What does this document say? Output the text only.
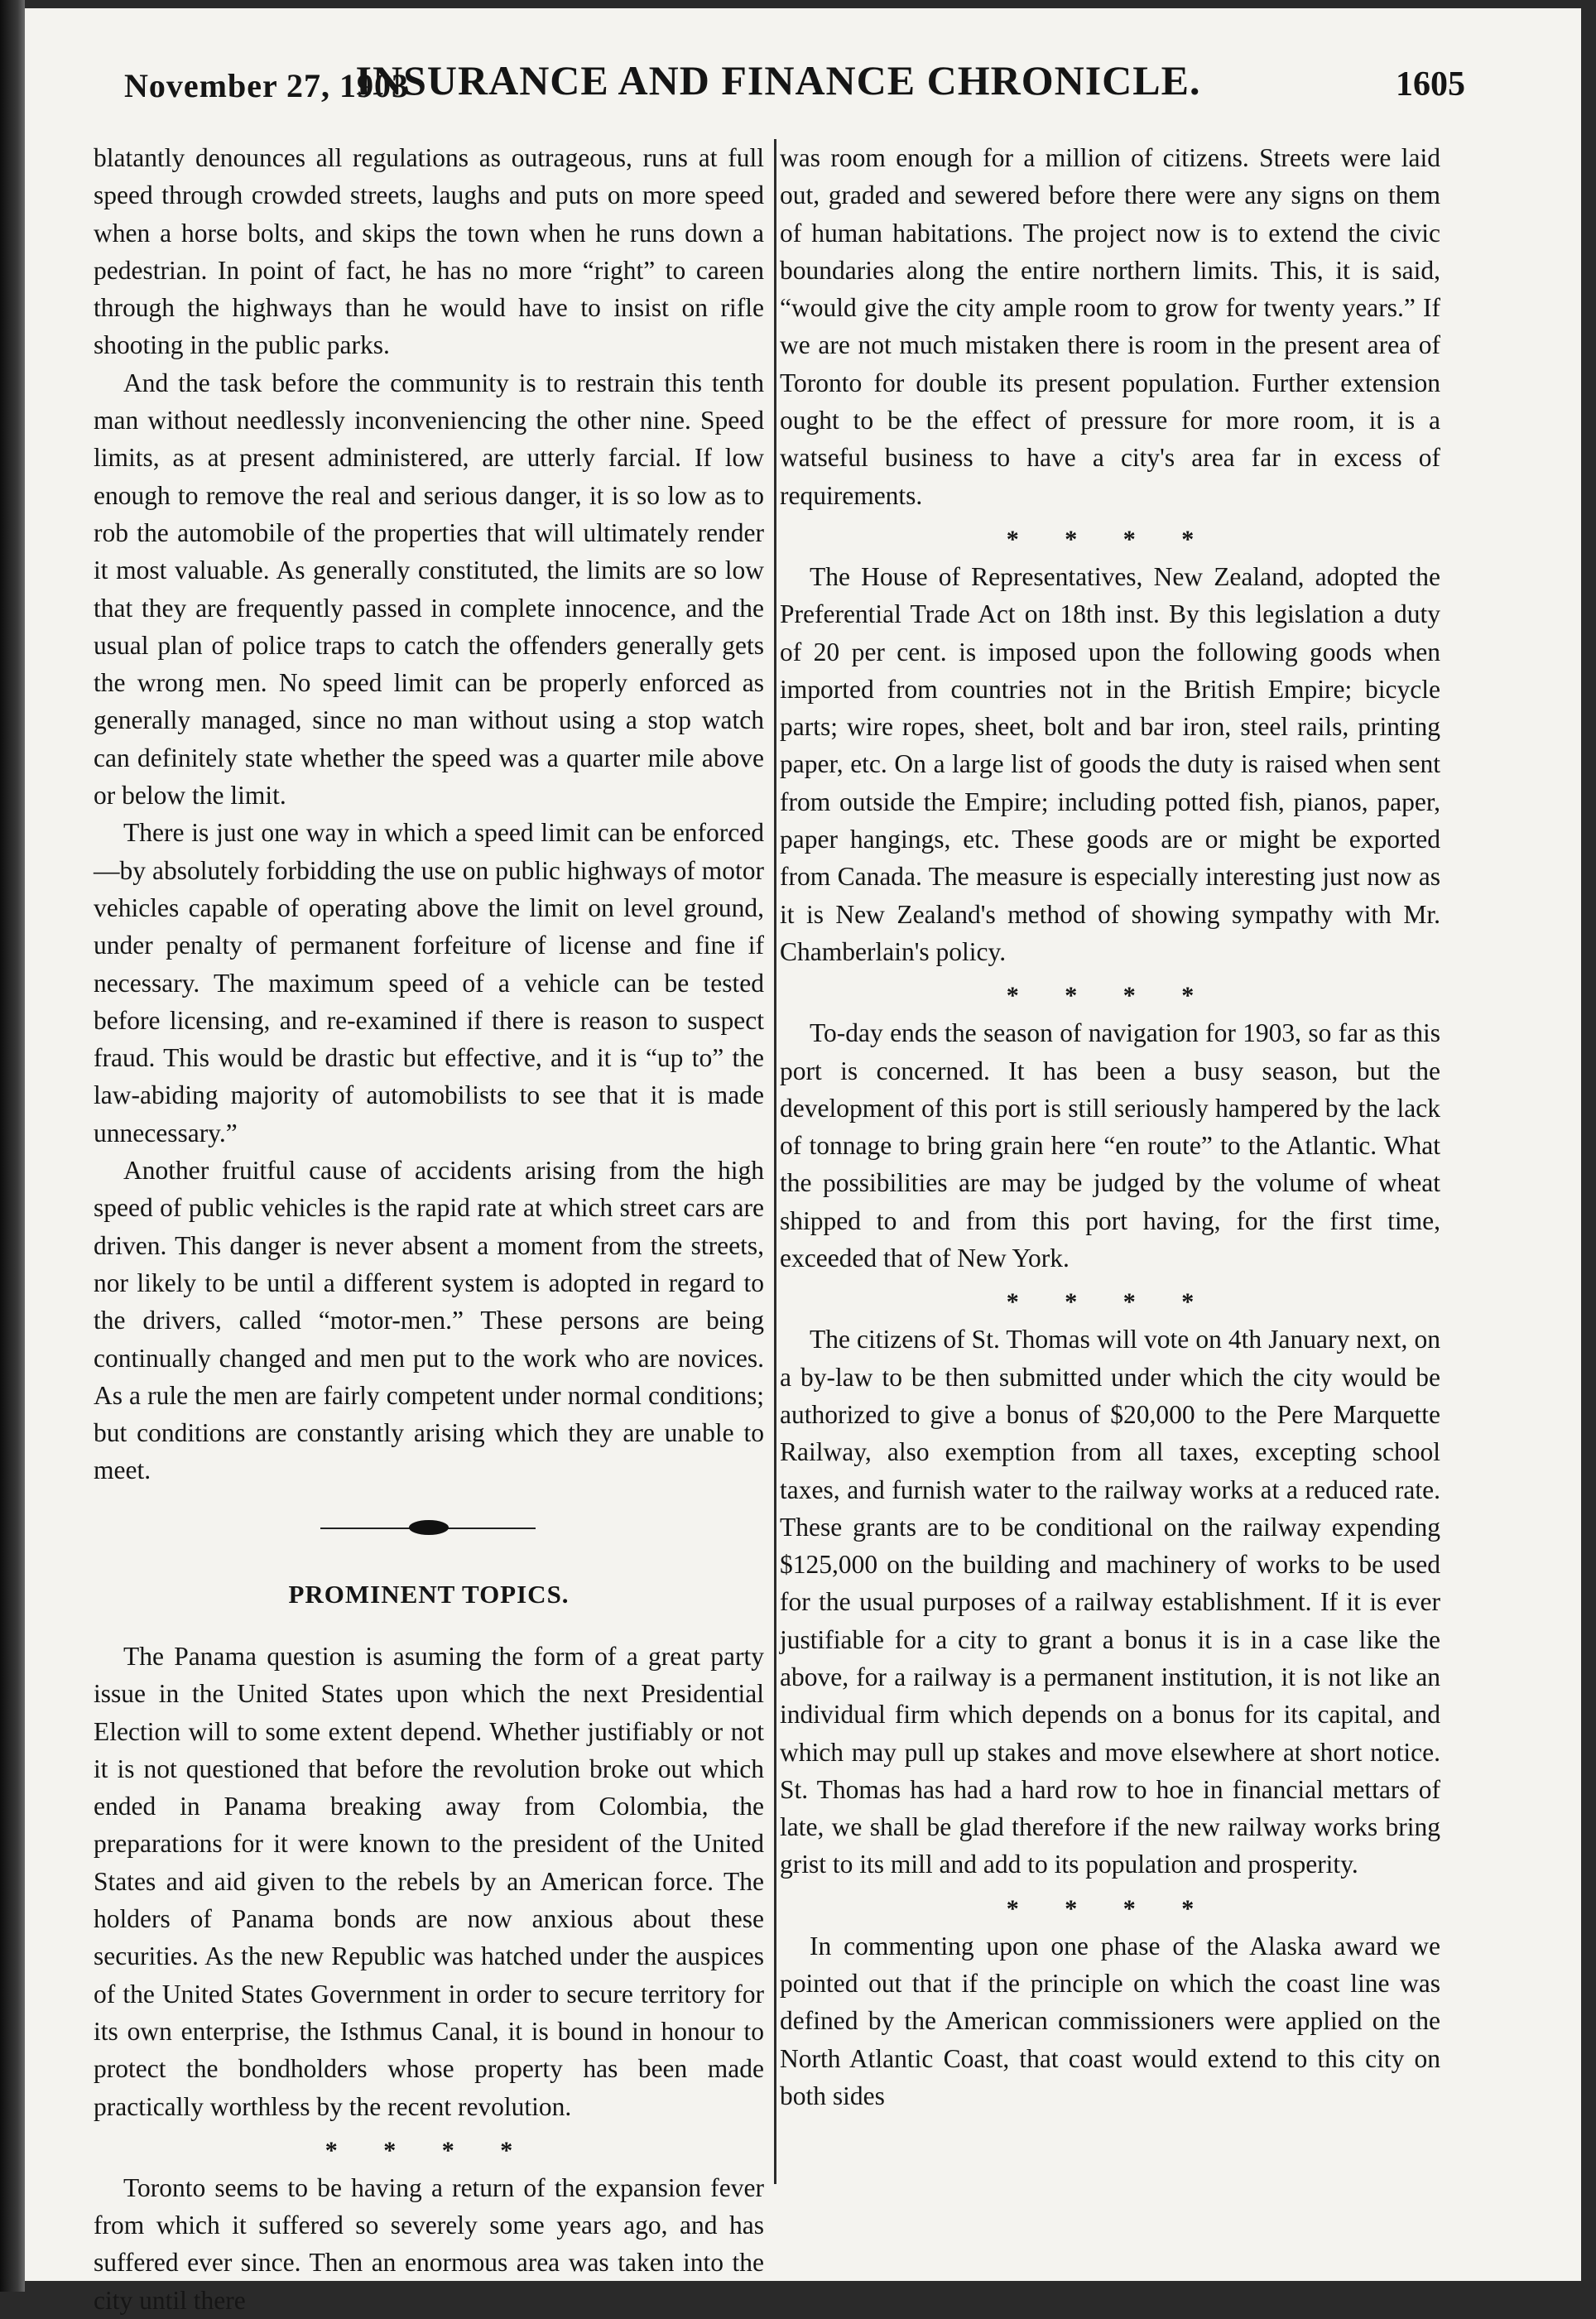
November 27, 1903
INSURANCE AND FINANCE CHRONICLE.	1605

blatantly denounces all regulations as outrageous, runs at full speed through crowded streets, laughs and puts on more speed when a horse bolts, and skips the town when he runs down a pedestrian. In point of fact, he has no more “right” to careen through the highways than he would have to insist on rifle shooting in the public parks.

And the task before the community is to restrain this tenth man without needlessly inconveniencing the other nine. Speed limits, as at present administered, are utterly farcial. If low enough to remove the real and serious danger, it is so low as to rob the automobile of the properties that will ultimately render it most valuable. As generally constituted, the limits are so low that they are frequently passed in complete innocence, and the usual plan of police traps to catch the offenders generally gets the wrong men. No speed limit can be properly enforced as generally managed, since no man without using a stop watch can definitely state whether the speed was a quarter mile above or below the limit.

There is just one way in which a speed limit can be enforced—by absolutely forbidding the use on public highways of motor vehicles capable of operating above the limit on level ground, under penalty of permanent forfeiture of license and fine if necessary. The maximum speed of a vehicle can be tested before licensing, and re-examined if there is reason to suspect fraud. This would be drastic but effective, and it is “up to” the law-abiding majority of automobilists to see that it is made unnecessary.”

Another fruitful cause of accidents arising from the high speed of public vehicles is the rapid rate at which street cars are driven. This danger is never absent a moment from the streets, nor likely to be until a different system is adopted in regard to the drivers, called “motor-men.” These persons are being continually changed and men put to the work who are novices. As a rule the men are fairly competent under normal conditions; but conditions are constantly arising which they are unable to meet.

PROMINENT TOPICS.

The Panama question is asuming the form of a great party issue in the United States upon which the next Presidential Election will to some extent depend. Whether justifiably or not it is not questioned that before the revolution broke out which ended in Panama breaking away from Colombia, the preparations for it were known to the president of the United States and aid given to the rebels by an American force. The holders of Panama bonds are now anxious about these securities. As the new Republic was hatched under the auspices of the United States Government in order to secure territory for its own enterprise, the Isthmus Canal, it is bound in honour to protect the bondholders whose property has been made practically worthless by the recent revolution.

* * * *

Toronto seems to be having a return of the expansion fever from which it suffered so severely some years ago, and has suffered ever since. Then an enormous area was taken into the city until there

was room enough for a million of citizens. Streets were laid out, graded and sewered before there were any signs on them of human habitations. The project now is to extend the civic boundaries along the entire northern limits. This, it is said, “would give the city ample room to grow for twenty years.” If we are not much mistaken there is room in the present area of Toronto for double its present population. Further extension ought to be the effect of pressure for more room, it is a watseful business to have a city's area far in excess of requirements.

* * * *

The House of Representatives, New Zealand, adopted the Preferential Trade Act on 18th inst. By this legislation a duty of 20 per cent. is imposed upon the following goods when imported from countries not in the British Empire; bicycle parts; wire ropes, sheet, bolt and bar iron, steel rails, printing paper, etc. On a large list of goods the duty is raised when sent from outside the Empire; including potted fish, pianos, paper, paper hangings, etc. These goods are or might be exported from Canada. The measure is especially interesting just now as it is New Zealand's method of showing sympathy with Mr. Chamberlain's policy.

* * * *

To-day ends the season of navigation for 1903, so far as this port is concerned. It has been a busy season, but the development of this port is still seriously hampered by the lack of tonnage to bring grain here “en route” to the Atlantic. What the possibilities are may be judged by the volume of wheat shipped to and from this port having, for the first time, exceeded that of New York.

* * * *

The citizens of St. Thomas will vote on 4th January next, on a by-law to be then submitted under which the city would be authorized to give a bonus of $20,000 to the Pere Marquette Railway, also exemption from all taxes, excepting school taxes, and furnish water to the railway works at a reduced rate. These grants are to be conditional on the railway expending $125,000 on the building and machinery of works to be used for the usual purposes of a railway establishment. If it is ever justifiable for a city to grant a bonus it is in a case like the above, for a railway is a permanent institution, it is not like an individual firm which depends on a bonus for its capital, and which may pull up stakes and move elsewhere at short notice. St. Thomas has had a hard row to hoe in financial mettars of late, we shall be glad therefore if the new railway works bring grist to its mill and add to its population and prosperity.

* * * *

In commenting upon one phase of the Alaska award we pointed out that if the principle on which the coast line was defined by the American commissioners were applied on the North Atlantic Coast, that coast would extend to this city on both sides
